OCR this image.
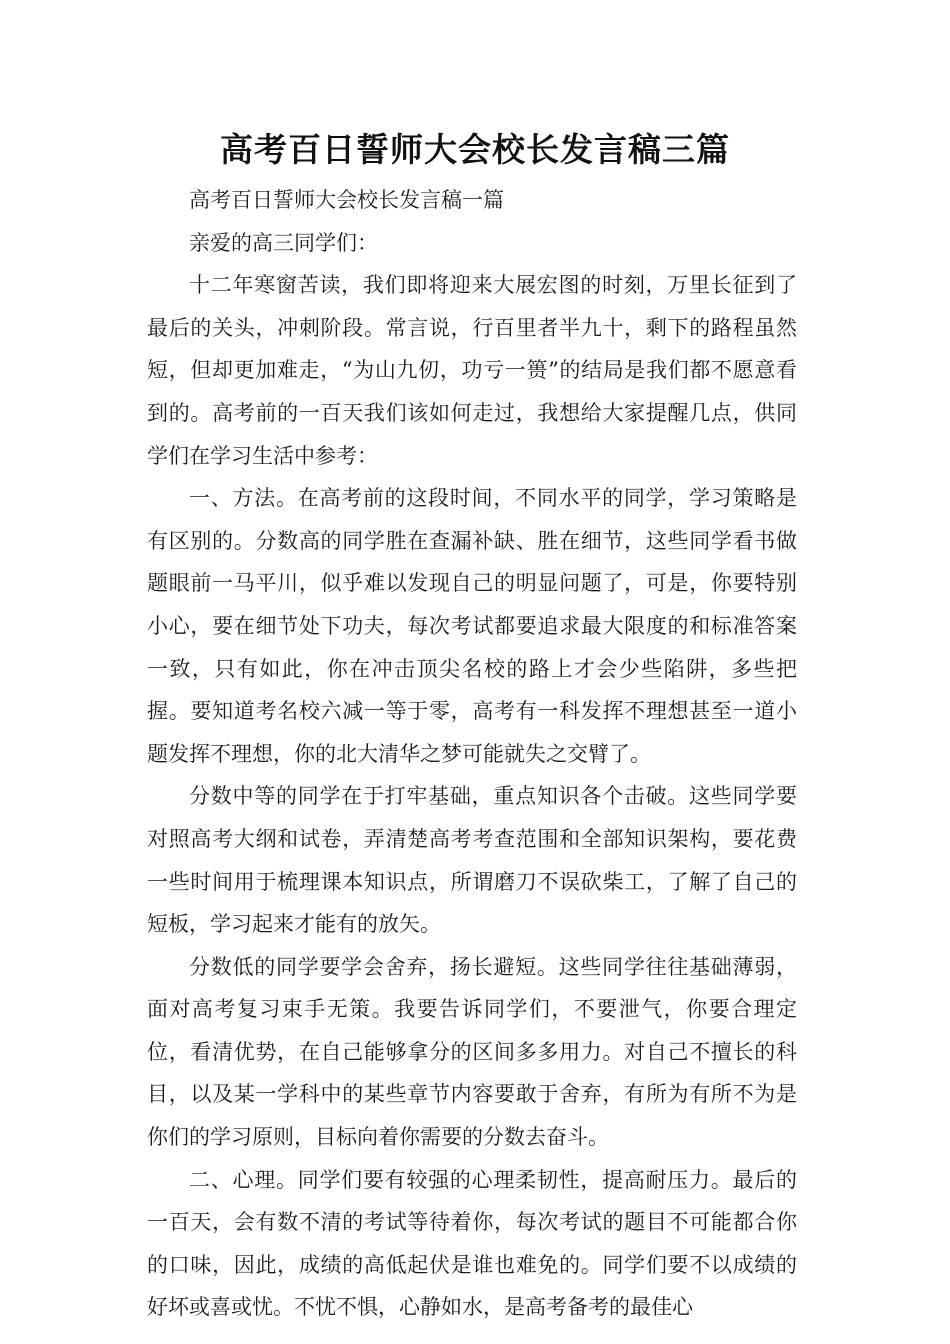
高考百日誓师大会校长发言稿三篇

高考百日誓师大会校长发言稿一篇

亲爱的高三同学们：

十二年寒窗苦读，我们即将迎来大展宏图的时刻，万里长征到了最后的关头，冲刺阶段。常言说，行百里者半九十，剩下的路程虽然短，但却更加难走，“为山九仞，功亏一篑”的结局是我们都不愿意看到的。高考前的一百天我们该如何走过，我想给大家提醒几点，供同学们在学习生活中参考：

一、方法。在高考前的这段时间，不同水平的同学，学习策略是有区别的。分数高的同学胜在查漏补缺、胜在细节，这些同学看书做题眼前一马平川，似乎难以发现自己的明显问题了，可是，你要特别小心，要在细节处下功夫，每次考试都要追求最大限度的和标准答案一致，只有如此，你在冲击顶尖名校的路上才会少些陷阱，多些把握。要知道考名校六减一等于零，高考有一科发挥不理想甚至一道小题发挥不理想，你的北大清华之梦可能就失之交臂了。

分数中等的同学在于打牢基础，重点知识各个击破。这些同学要对照高考大纲和试卷，弄清楚高考考查范围和全部知识架构，要花费一些时间用于梳理课本知识点，所谓磨刀不误砍柴工，了解了自己的短板，学习起来才能有的放矢。

分数低的同学要学会舍弃，扬长避短。这些同学往往基础薄弱，面对高考复习束手无策。我要告诉同学们，不要泄气，你要合理定位，看清优势，在自己能够拿分的区间多多用力。对自己不擅长的科目，以及某一学科中的某些章节内容要敢于舍弃，有所为有所不为是你们的学习原则，目标向着你需要的分数去奋斗。

二、心理。同学们要有较强的心理柔韧性，提高耐压力。最后的一百天，会有数不清的考试等待着你，每次考试的题目不可能都合你的口味，因此，成绩的高低起伏是谁也难免的。同学们要不以成绩的好坏或喜或忧。不忧不惧，心静如水，是高考备考的最佳心
